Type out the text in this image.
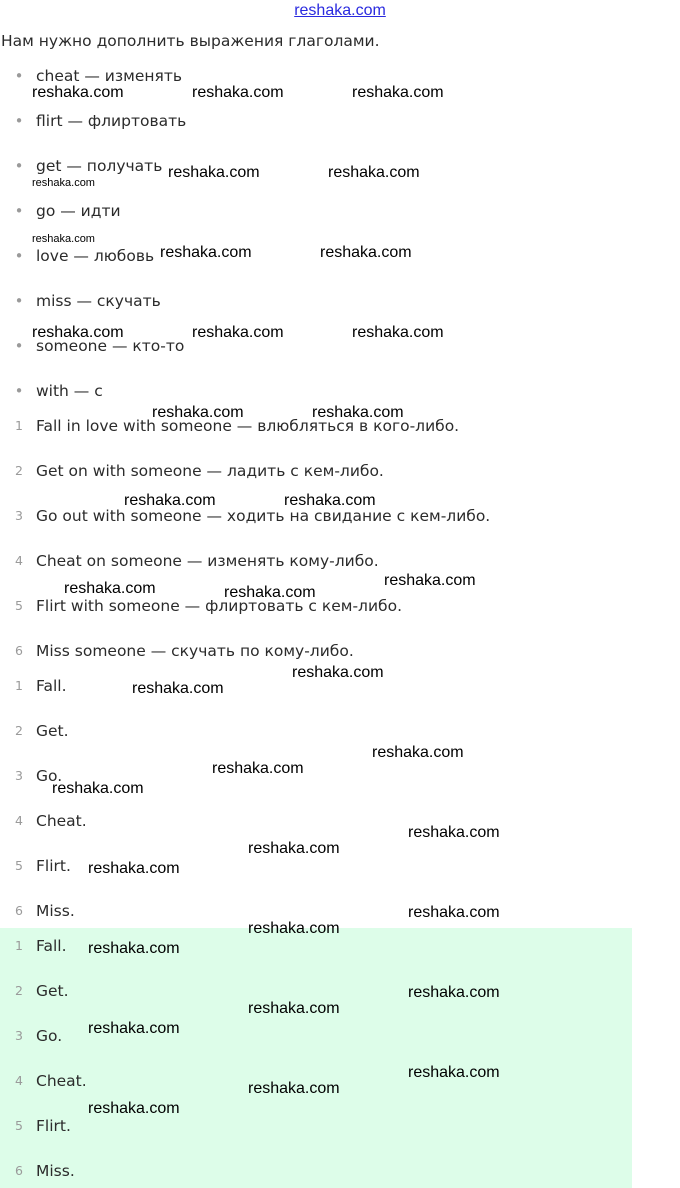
reshaka.com
Нам нужно дополнить выражения глаголами.
• cheat — изменять
• flirt — флиртовать
• get — получать
• go — идти
• love — любовь
• miss — скучать
• someone — кто-то
• with — с
1 Fall in love with someone — влюбляться в кого-либо.
2 Get on with someone — ладить с кем-либо.
3 Go out with someone — ходить на свидание с кем-либо.
4 Cheat on someone — изменять кому-либо.
5 Flirt with someone — флиртовать с кем-либо.
6 Miss someone — скучать по кому-либо.
1 Fall.
2 Get.
3 Go.
4 Cheat.
5 Flirt.
6 Miss.
1 Fall.
2 Get.
3 Go.
4 Cheat.
5 Flirt.
6 Miss.
reshaka.com	reshaka.com	reshaka.com
reshaka.com
reshaka.com	reshaka.com
reshaka.com
reshaka.com	reshaka.com
reshaka.com	reshaka.com	reshaka.com
reshaka.com	reshaka.com
reshaka.com	reshaka.com
reshaka.com	reshaka.com
reshaka.com
reshaka.com
reshaka.com
reshaka.com
reshaka.com
reshaka.com
reshaka.com
reshaka.com
reshaka.com
reshaka.com
reshaka.com
reshaka.com
reshaka.com
reshaka.com
reshaka.com
reshaka.com
reshaka.com
reshaka.com
